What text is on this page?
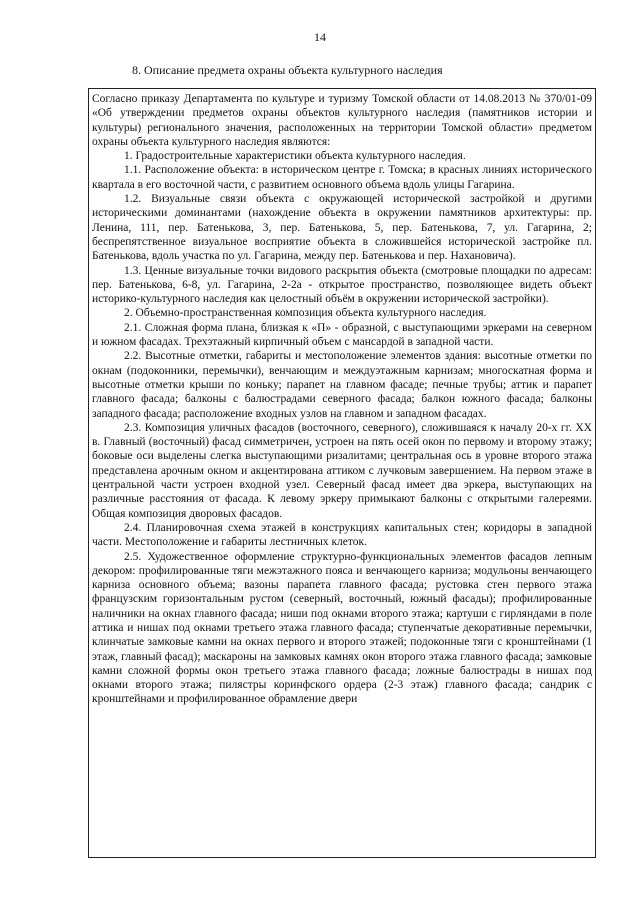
14
8. Описание предмета охраны объекта культурного наследия

Согласно приказу Департамента по культуре и туризму Томской области от 14.08.2013 № 370/01-09 «Об утверждении предметов охраны объектов культурного наследия (памятников истории и культуры) регионального значения, расположенных на территории Томской области» предметом охраны объекта культурного наследия являются:

1. Градостроительные характеристики объекта культурного наследия.

1.1. Расположение объекта: в историческом центре г. Томска; в красных линиях исторического квартала в его восточной части, с развитием основного объема вдоль улицы Гагарина.

1.2. Визуальные связи объекта с окружающей исторической застройкой и другими историческими доминантами (нахождение объекта в окружении памятников архитектуры: пр. Ленина, 111, пер. Батенькова, 3, пер. Батенькова, 5, пер. Батенькова, 7, ул. Гагарина, 2; беспрепятственное визуальное восприятие объекта в сложившейся исторической застройке пл. Батенькова, вдоль участка по ул. Гагарина, между пер. Батенькова и пер. Нахановича).

1.3. Ценные визуальные точки видового раскрытия объекта (смотровые площадки по адресам: пер. Батенькова, 6-8, ул. Гагарина, 2-2а - открытое пространство, позволяющее видеть объект историко-культурного наследия как целостный объём в окружении исторической застройки).

2. Объемно-пространственная композиция объекта культурного наследия.

2.1. Сложная форма плана, близкая к «П» - образной, с выступающими эркерами на северном и южном фасадах. Трехэтажный кирпичный объем с мансардой в западной части.

2.2. Высотные отметки, габариты и местоположение элементов здания: высотные отметки по окнам (подоконники, перемычки), венчающим и междуэтажным карнизам; многоскатная форма и высотные отметки крыши по коньку; парапет на главном фасаде; печные трубы; аттик и парапет главного фасада; балконы с балюстрадами северного фасада; балкон южного фасада; балконы западного фасада; расположение входных узлов на главном и западном фасадах.

2.3. Композиция уличных фасадов (восточного, северного), сложившаяся к началу 20-х гг. XX в. Главный (восточный) фасад симметричен, устроен на пять осей окон по первому и второму этажу; боковые оси выделены слегка выступающими ризалитами; центральная ось в уровне второго этажа представлена арочным окном и акцентирована аттиком с лучковым завершением. На первом этаже в центральной части устроен входной узел. Северный фасад имеет два эркера, выступающих на различные расстояния от фасада. К левому эркеру примыкают балконы с открытыми галереями. Общая композиция дворовых фасадов.

2.4. Планировочная схема этажей в конструкциях капитальных стен; коридоры в западной части. Местоположение и габариты лестничных клеток.

2.5. Художественное оформление структурно-функциональных элементов фасадов лепным декором: профилированные тяги межэтажного пояса и венчающего карниза; модульоны венчающего карниза основного объема; вазоны парапета главного фасада; рустовка стен первого этажа французским горизонтальным рустом (северный, восточный, южный фасады); профилированные наличники на окнах главного фасада; ниши под окнами второго этажа; картуши с гирляндами в поле аттика и нишах под окнами третьего этажа главного фасада; ступенчатые декоративные перемычки, клинчатые замковые камни на окнах первого и второго этажей; подоконные тяги с кронштейнами (1 этаж, главный фасад); маскароны на замковых камнях окон второго этажа главного фасада; замковые камни сложной формы окон третьего этажа главного фасада; ложные балюстрады в нишах под окнами второго этажа; пилястры коринфского ордера (2-3 этаж) главного фасада; сандрик с кронштейнами и профилированное обрамление двери
